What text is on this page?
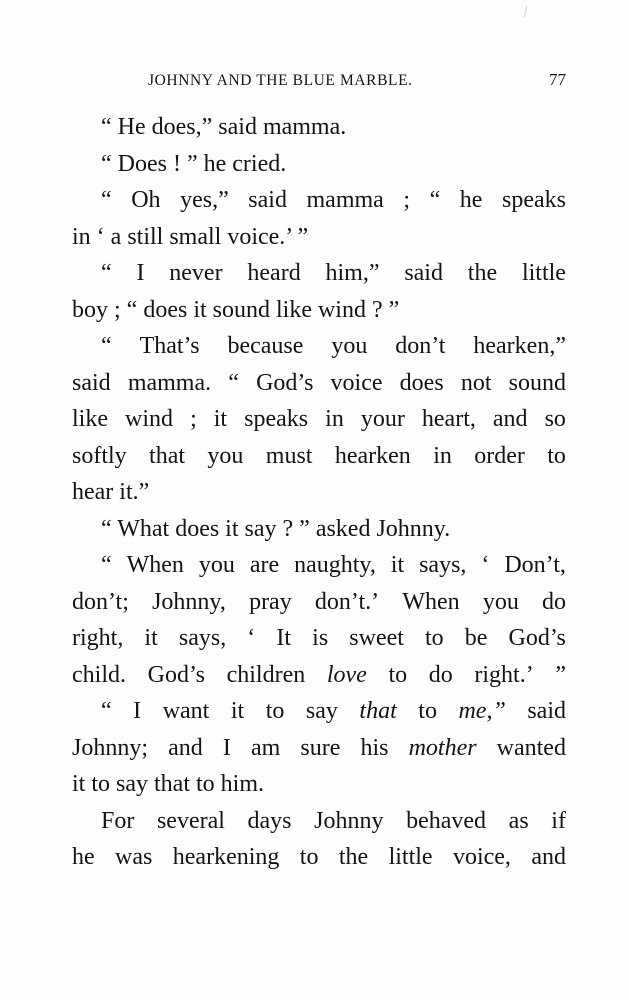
JOHNNY AND THE BLUE MARBLE.	77
“ He does,” said mamma.
“ Does ! ” he cried.
“ Oh yes,” said mamma ; “ he speaks
in ‘ a still small voice.’ ”
“ I never heard him,” said the little
boy ; “ does it sound like wind ? ”
“ That’s because you don’t hearken,”
said mamma. “ God’s voice does not sound
like wind ; it speaks in your heart, and so
softly that you must hearken in order to
hear it.”
“ What does it say ? ” asked Johnny.
“ When you are naughty, it says, ‘ Don’t,
don’t; Johnny, pray don’t.’ When you do
right, it says, ‘ It is sweet to be God’s
child. God’s children love to do right.’ ”
“ I want it to say that to me,” said
Johnny; and I am sure his mother wanted
it to say that to him.
For several days Johnny behaved as if
he was hearkening to the little voice, and
